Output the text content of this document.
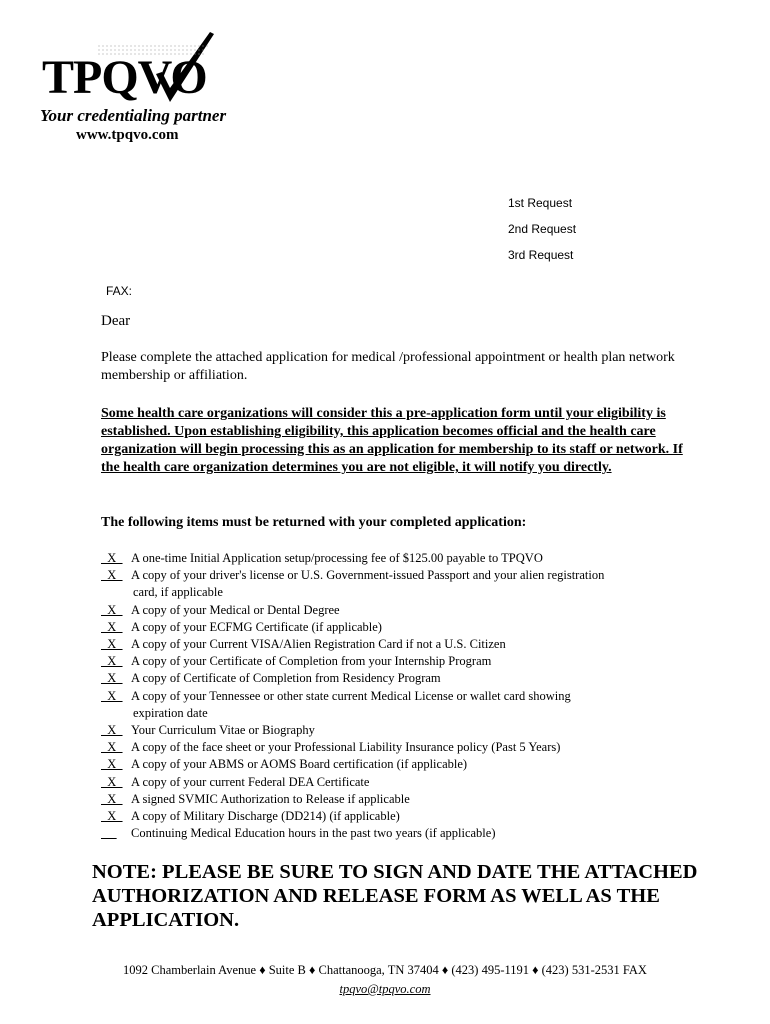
TPQVO
Your credentialing partner
www.tpqvo.com
1st Request
2nd Request
3rd Request
FAX:
Dear
Please complete the attached application for medical /professional appointment or health plan network membership or affiliation.
Some health care organizations will consider this a pre-application form until your eligibility is established. Upon establishing eligibility, this application becomes official and the health care organization will begin processing this as an application for membership to its staff or network. If the health care organization determines you are not eligible, it will notify you directly.
The following items must be returned with your completed application:
X A one-time Initial Application setup/processing fee of $125.00 payable to TPQVO
X A copy of your driver's license or U.S. Government-issued Passport and your alien registration
card, if applicable
X A copy of your Medical or Dental Degree
X A copy of your ECFMG Certificate (if applicable)
X A copy of your Current VISA/Alien Registration Card if not a U.S. Citizen
X A copy of your Certificate of Completion from your Internship Program
X A copy of Certificate of Completion from Residency Program
X A copy of your Tennessee or other state current Medical License or wallet card showing
expiration date
X Your Curriculum Vitae or Biography
X A copy of the face sheet or your Professional Liability Insurance policy (Past 5 Years)
X A copy of your ABMS or AOMS Board certification (if applicable)
X A copy of your current Federal DEA Certificate
X A signed SVMIC Authorization to Release if applicable
X A copy of Military Discharge (DD214) (if applicable)

Continuing Medical Education hours in the past two years (if applicable)
NOTE: PLEASE BE SURE TO SIGN AND DATE THE ATTACHED AUTHORIZATION AND RELEASE FORM AS WELL AS THE APPLICATION.
1092 Chamberlain Avenue ♦ Suite B ♦ Chattanooga, TN 37404 ♦ (423) 495-1191 ♦ (423) 531-2531 FAX
tpqvo@tpqvo.com
